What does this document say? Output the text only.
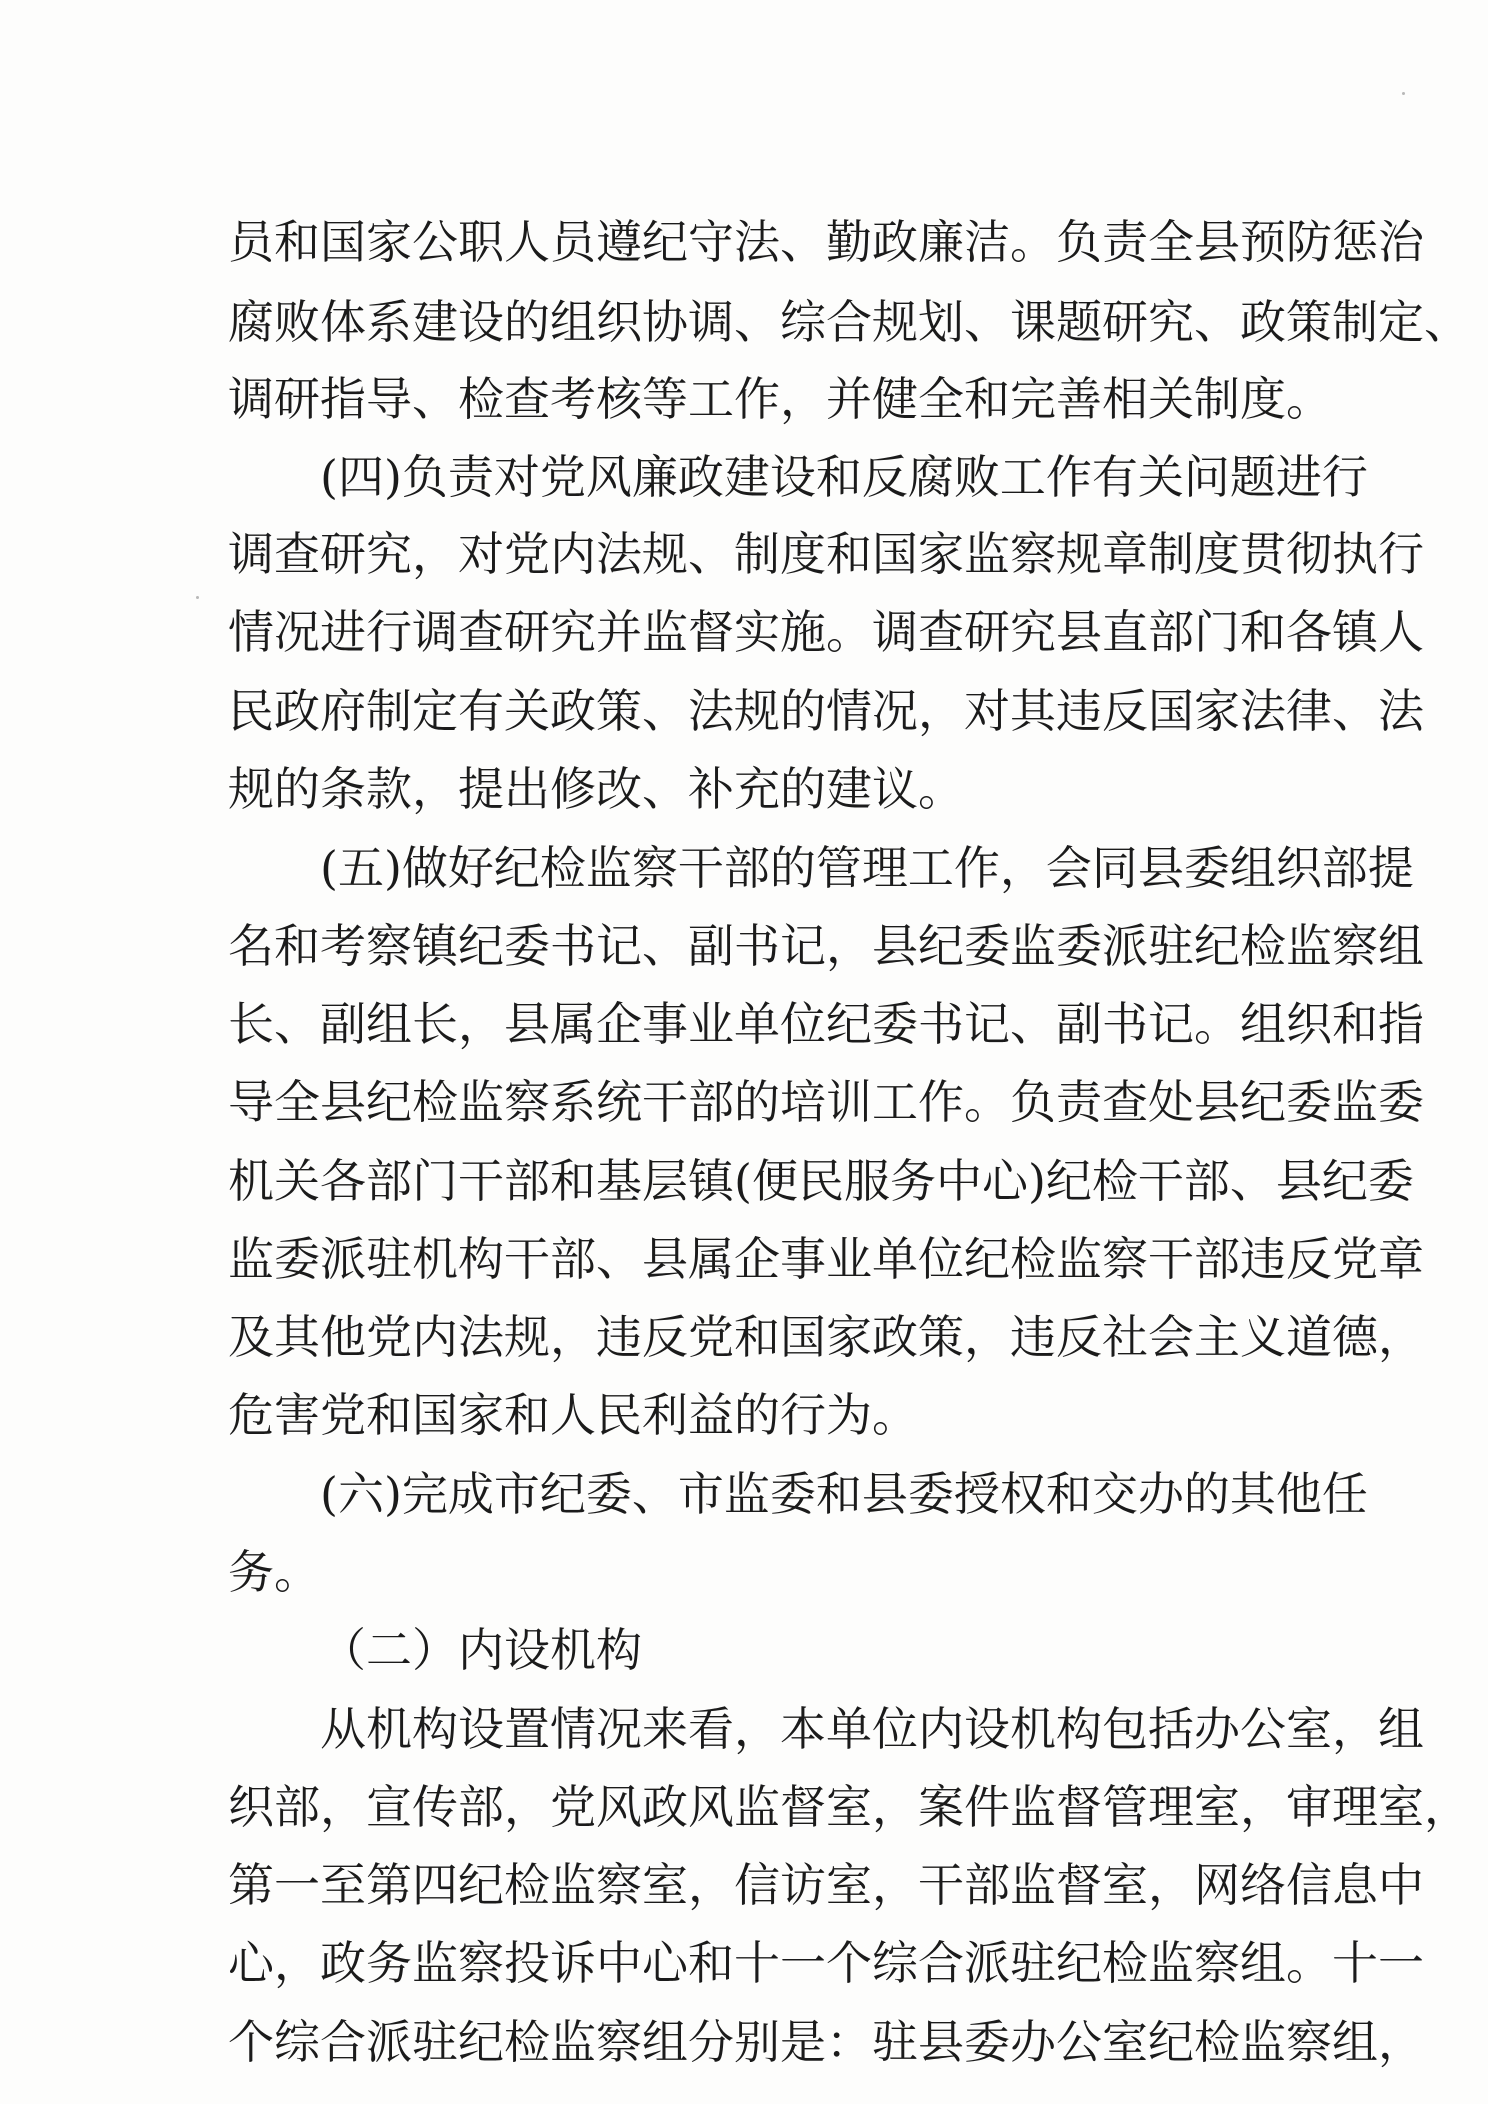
员和国家公职人员遵纪守法、勤政廉洁。负责全县预防惩治
腐败体系建设的组织协调、综合规划、课题研究、政策制定、
调研指导、检查考核等工作，并健全和完善相关制度。
(四)负责对党风廉政建设和反腐败工作有关问题进行
调查研究，对党内法规、制度和国家监察规章制度贯彻执行
情况进行调查研究并监督实施。调查研究县直部门和各镇人
民政府制定有关政策、法规的情况，对其违反国家法律、法
规的条款，提出修改、补充的建议。
(五)做好纪检监察干部的管理工作，会同县委组织部提
名和考察镇纪委书记、副书记，县纪委监委派驻纪检监察组
长、副组长，县属企事业单位纪委书记、副书记。组织和指
导全县纪检监察系统干部的培训工作。负责查处县纪委监委
机关各部门干部和基层镇(便民服务中心)纪检干部、县纪委
监委派驻机构干部、县属企事业单位纪检监察干部违反党章
及其他党内法规，违反党和国家政策，违反社会主义道德，
危害党和国家和人民利益的行为。
(六)完成市纪委、市监委和县委授权和交办的其他任
务。
（二）内设机构
从机构设置情况来看，本单位内设机构包括办公室，组
织部，宣传部，党风政风监督室，案件监督管理室，审理室，
第一至第四纪检监察室，信访室，干部监督室，网络信息中
心，政务监察投诉中心和十一个综合派驻纪检监察组。十一
个综合派驻纪检监察组分别是：驻县委办公室纪检监察组，
